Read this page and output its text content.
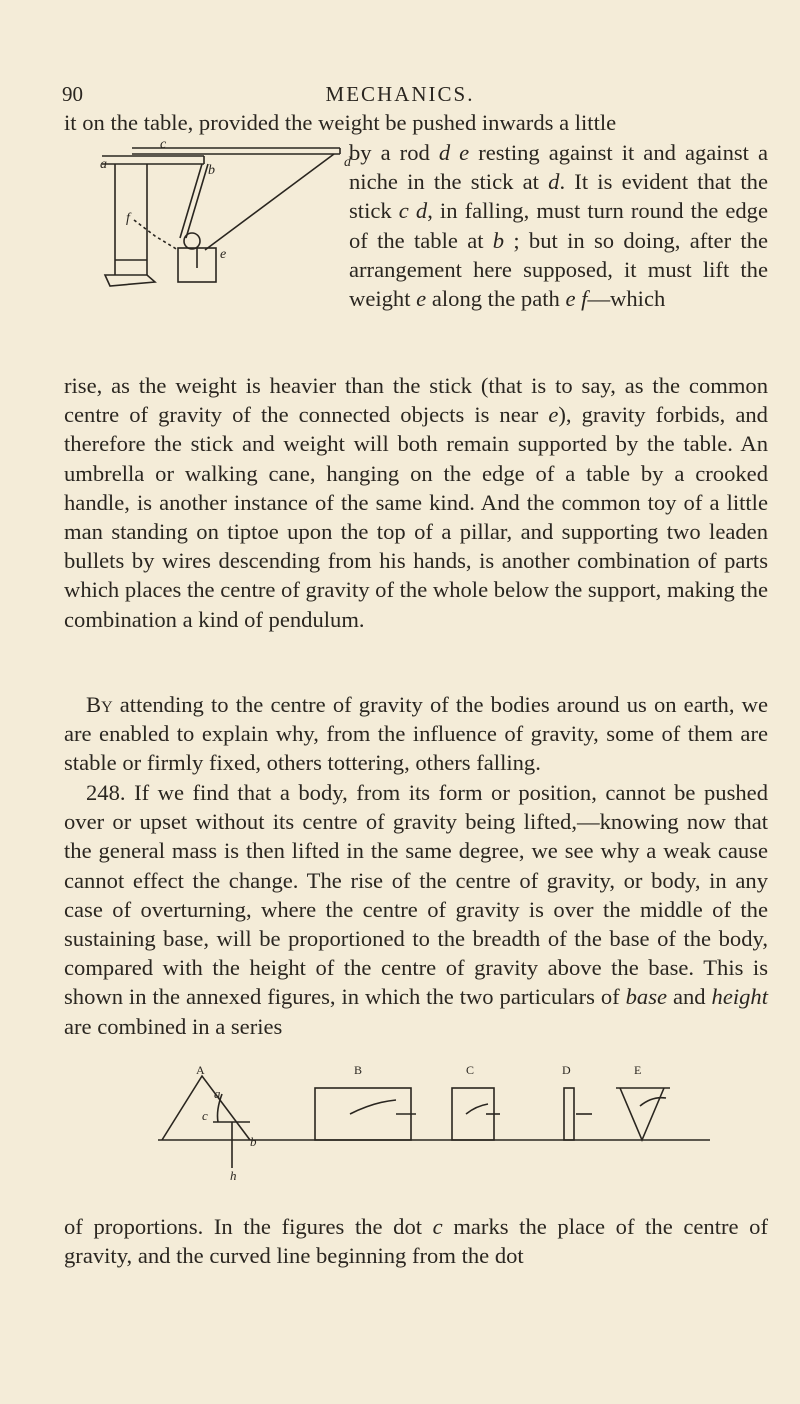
90	MECHANICS.

it on the table, provided the weight be pushed inwards a little

c
a	b
d
e
f
by a rod d e resting against it and against a niche in the stick at d. It is evident that the stick c d, in falling, must turn round the edge of the table at b ; but in so doing, after the arrangement here supposed, it must lift the weight e along the path e f—which
rise, as the weight is heavier than the stick (that is to say, as the common centre of gravity of the connected objects is near e), gravity forbids, and therefore the stick and weight will both remain supported by the table. An umbrella or walking cane, hanging on the edge of a table by a crooked handle, is another instance of the same kind. And the common toy of a little man standing on tiptoe upon the top of a pillar, and supporting two leaden bullets by wires descending from his hands, is another combination of parts which places the centre of gravity of the whole below the support, making the combination a kind of pendulum.
By attending to the centre of gravity of the bodies around us on earth, we are enabled to explain why, from the influence of gravity, some of them are stable or firmly fixed, others tottering, others falling.
248. If we find that a body, from its form or position, cannot be pushed over or upset without its centre of gravity being lifted,—knowing now that the general mass is then lifted in the same degree, we see why a weak cause cannot effect the change. The rise of the centre of gravity, or body, in any case of overturning, where the centre of gravity is over the middle of the sustaining base, will be proportioned to the breadth of the base of the body, compared with the height of the centre of gravity above the base. This is shown in the annexed figures, in which the two particulars of base and height are combined in a series
A	B	C	D	E
a
c
b
h
of proportions. In the figures the dot c marks the place of the centre of gravity, and the curved line beginning from the dot
